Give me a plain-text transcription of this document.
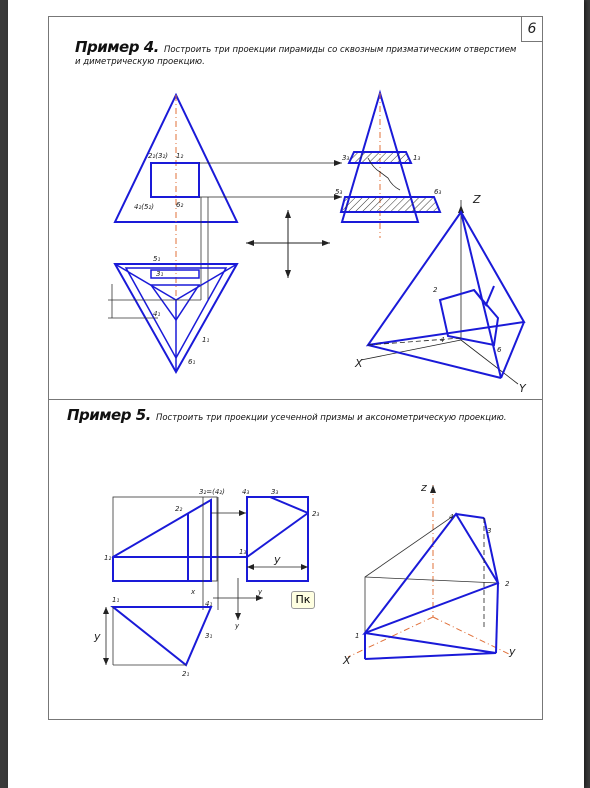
6
Пример 4. Построить три проекции пирамиды со сквозным призматическим отверстием
и диметрическую проекцию.
Пример 5. Построить три проекции усеченной призмы и аксонометрическую проекцию.
2₂(3₂) 1₂
4₂(5₂)	6₂
3₃	1₃
5₃	6₃
5₁
3₁
1₁
6₁
4₁
Z
X
Y
2
4
6
3₂=(4₂) 4₃	3₃
2₂
2₃
1₂
1₃
y
x	y
4₁
1₁
3₁
2₁
y
y
z
4
3
2
1
X
y
Пк
